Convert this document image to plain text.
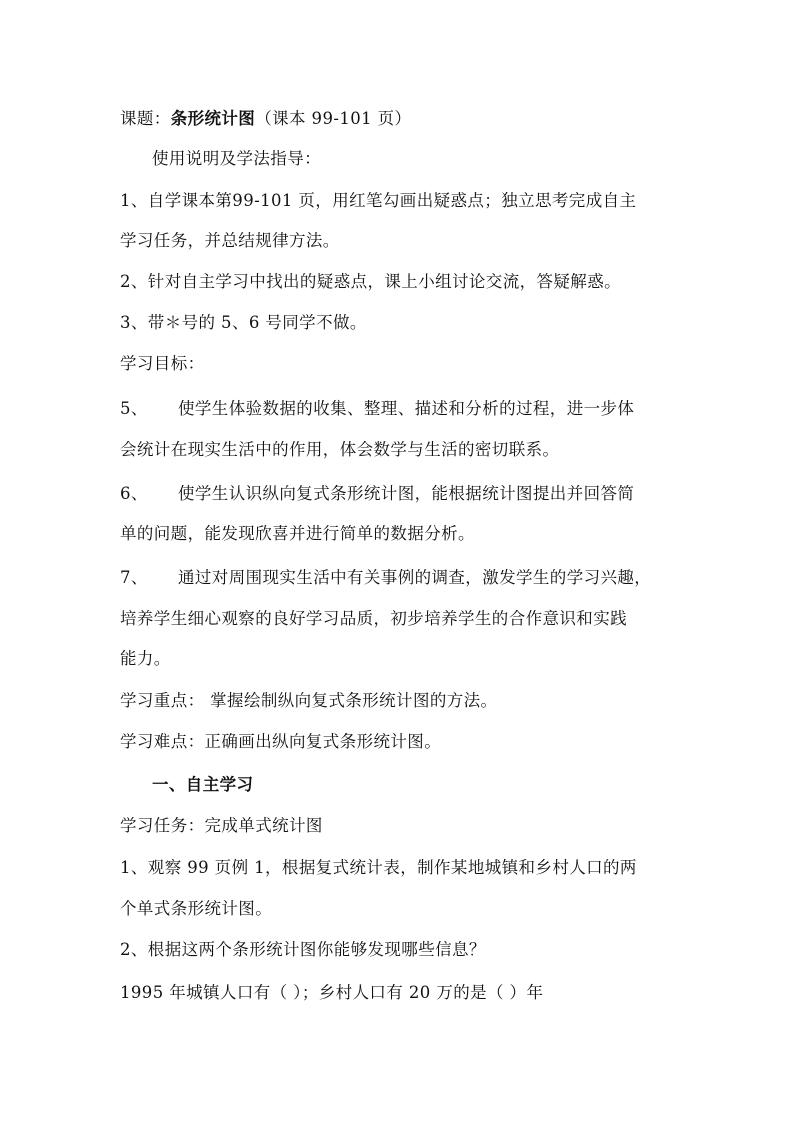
课题：条形统计图（课本 99-101 页）
使用说明及学法指导：
1、自学课本第99-101 页，用红笔勾画出疑惑点；独立思考完成自主
学习任务，并总结规律方法。
2、针对自主学习中找出的疑惑点，课上小组讨论交流，答疑解惑。
3、带＊号的 5、6 号同学不做。
学习目标：
5、 使学生体验数据的收集、整理、描述和分析的过程，进一步体
会统计在现实生活中的作用，体会数学与生活的密切联系。
6、 使学生认识纵向复式条形统计图，能根据统计图提出并回答简
单的问题，能发现欣喜并进行简单的数据分析。
7、 通过对周围现实生活中有关事例的调查，激发学生的学习兴趣，
培养学生细心观察的良好学习品质，初步培养学生的合作意识和实践
能力。
学习重点： 掌握绘制纵向复式条形统计图的方法。
学习难点：正确画出纵向复式条形统计图。
一、自主学习
学习任务：完成单式统计图
1、观察 99 页例 1，根据复式统计表，制作某地城镇和乡村人口的两
个单式条形统计图。
2、根据这两个条形统计图你能够发现哪些信息？
1995 年城镇人口有（ ）；乡村人口有 20 万的是（ ）年
